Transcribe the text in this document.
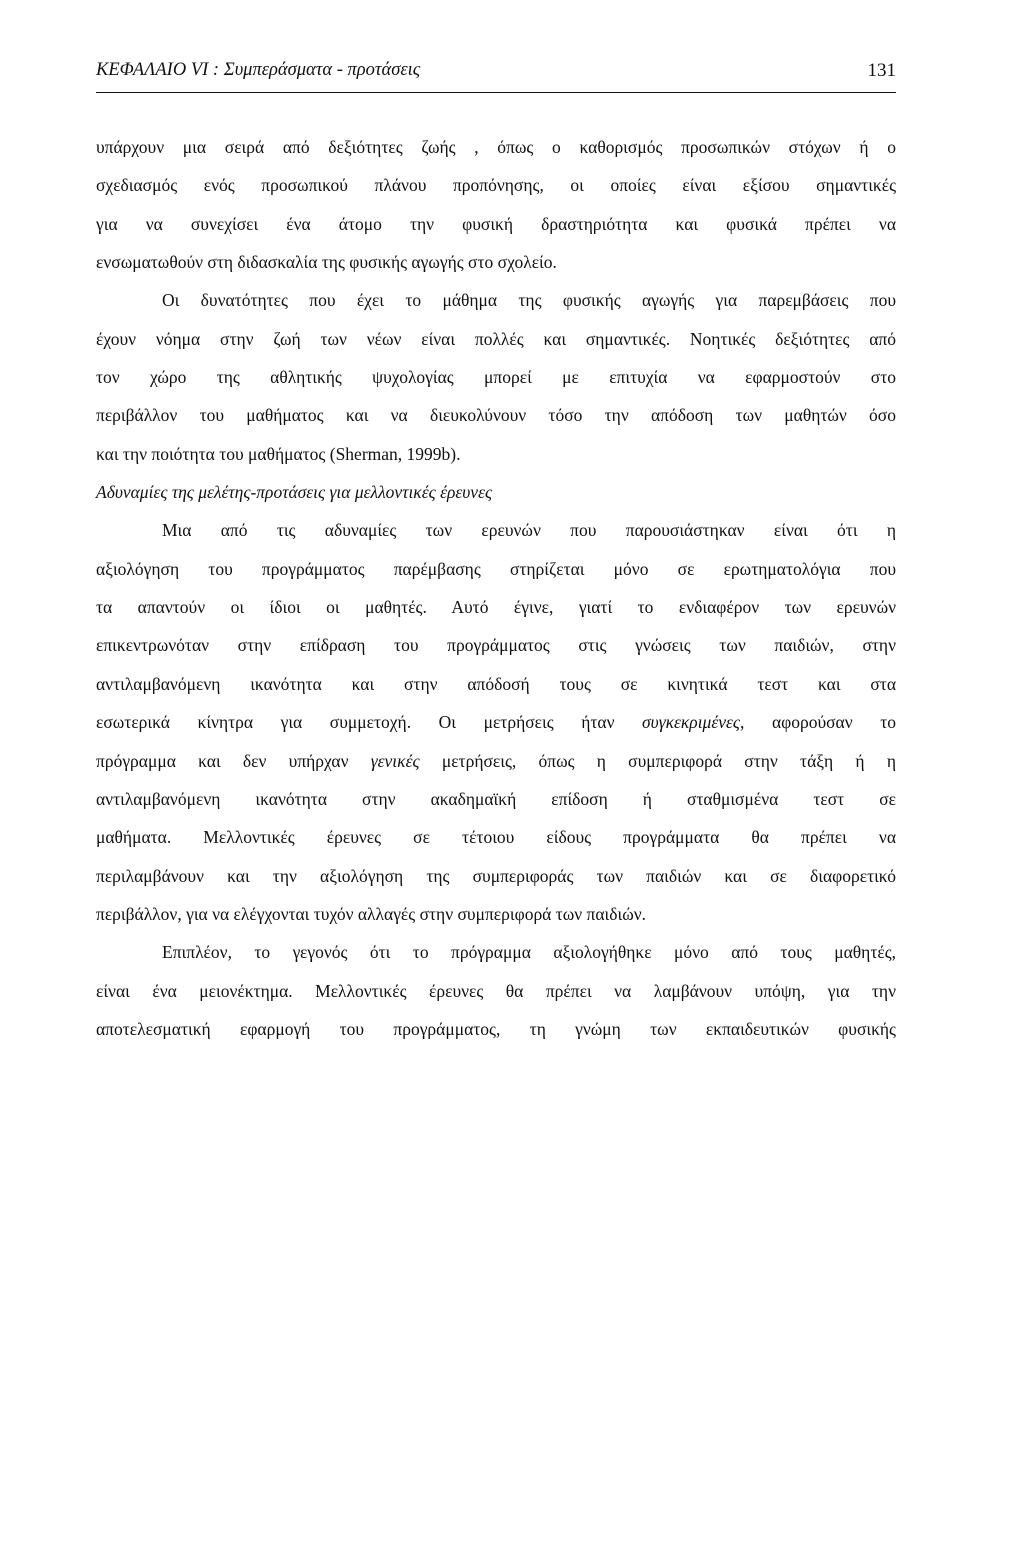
ΚΕΦΑΛΑΙΟ VI : Συμπεράσματα - προτάσεις	131

υπάρχουν μια σειρά από δεξιότητες ζωής , όπως ο καθορισμός προσωπικών στόχων ή ο
σχεδιασμός ενός προσωπικού πλάνου προπόνησης, οι οποίες είναι εξίσου σημαντικές
για να συνεχίσει ένα άτομο την φυσική δραστηριότητα και φυσικά πρέπει να
ενσωματωθούν στη διδασκαλία της φυσικής αγωγής στο σχολείο.

Οι δυνατότητες που έχει το μάθημα της φυσικής αγωγής για παρεμβάσεις που
έχουν νόημα στην ζωή των νέων είναι πολλές και σημαντικές. Νοητικές δεξιότητες από
τον χώρο της αθλητικής ψυχολογίας μπορεί με επιτυχία να εφαρμοστούν στο
περιβάλλον του μαθήματος και να διευκολύνουν τόσο την απόδοση των μαθητών όσο
και την ποιότητα του μαθήματος (Sherman, 1999b).

Αδυναμίες της μελέτης-προτάσεις για μελλοντικές έρευνες

Μια από τις αδυναμίες των ερευνών που παρουσιάστηκαν είναι ότι η
αξιολόγηση του προγράμματος παρέμβασης στηρίζεται μόνο σε ερωτηματολόγια που
τα απαντούν οι ίδιοι οι μαθητές. Αυτό έγινε, γιατί το ενδιαφέρον των ερευνών
επικεντρωνόταν στην επίδραση του προγράμματος στις γνώσεις των παιδιών, στην
αντιλαμβανόμενη ικανότητα και στην απόδοσή τους σε κινητικά τεστ και στα
εσωτερικά κίνητρα για συμμετοχή. Οι μετρήσεις ήταν συγκεκριμένες, αφορούσαν το
πρόγραμμα και δεν υπήρχαν γενικές μετρήσεις, όπως η συμπεριφορά στην τάξη ή η
αντιλαμβανόμενη ικανότητα στην ακαδημαϊκή επίδοση ή σταθμισμένα τεστ σε
μαθήματα. Μελλοντικές έρευνες σε τέτοιου είδους προγράμματα θα πρέπει να
περιλαμβάνουν και την αξιολόγηση της συμπεριφοράς των παιδιών και σε διαφορετικό
περιβάλλον, για να ελέγχονται τυχόν αλλαγές στην συμπεριφορά των παιδιών.

Επιπλέον, το γεγονός ότι το πρόγραμμα αξιολογήθηκε μόνο από τους μαθητές,
είναι ένα μειονέκτημα. Μελλοντικές έρευνες θα πρέπει να λαμβάνουν υπόψη, για την
αποτελεσματική εφαρμογή του προγράμματος, τη γνώμη των εκπαιδευτικών φυσικής
